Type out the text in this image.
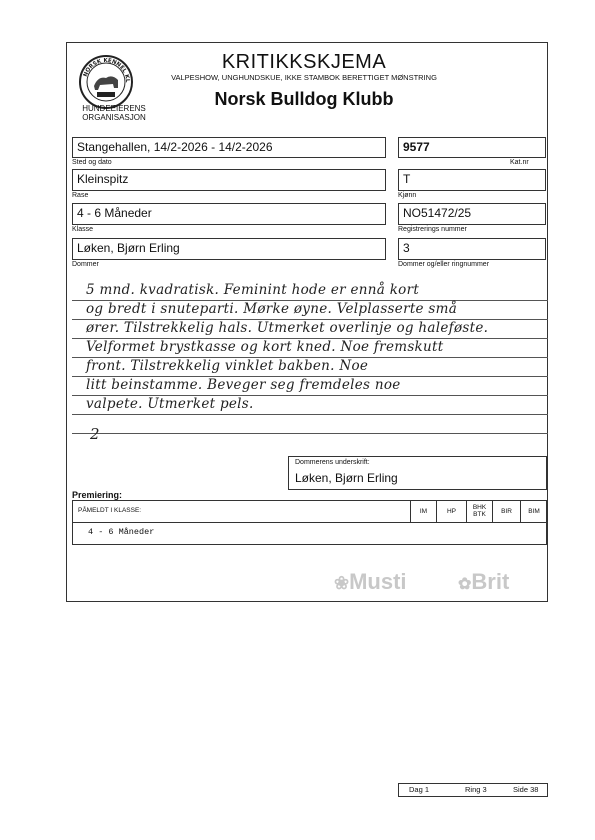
NORSK KENNEL KL
HUNDEEIERENS
ORGANISASJON
KRITIKKSKJEMA
VALPESHOW, UNGHUNDSKUE, IKKE STAMBOK BERETTIGET MØNSTRING
Norsk Bulldog Klubb
Stangehallen, 14/2-2026 - 14/2-2026
Sted og dato
9577
Kat.nr
Kleinspitz
Rase
T
Kjønn
4 - 6 Måneder
Klasse
NO51472/25
Registrerings nummer
Løken, Bjørn Erling
Dommer
3
Dommer og/eller ringnummer
5 mnd. kvadratisk. Feminint hode er ennå kort
og bredt i snuteparti. Mørke øyne. Velplasserte små
ører. Tilstrekkelig hals. Utmerket overlinje og haleføste.
Velformet brystkasse og kort kned. Noe fremskutt
front. Tilstrekkelig vinklet bakben. Noe
litt beinstamme. Beveger seg fremdeles noe
valpete. Utmerket pels.
2
Dommerens underskrift:
Løken, Bjørn Erling
Premiering:
PÅMELDT I KLASSE:	IM	HP	BHK BTK	BIR	BIM
4 - 6 Måneder
❀Musti	✿Brit
Dag 1	Ring 3	Side 38
